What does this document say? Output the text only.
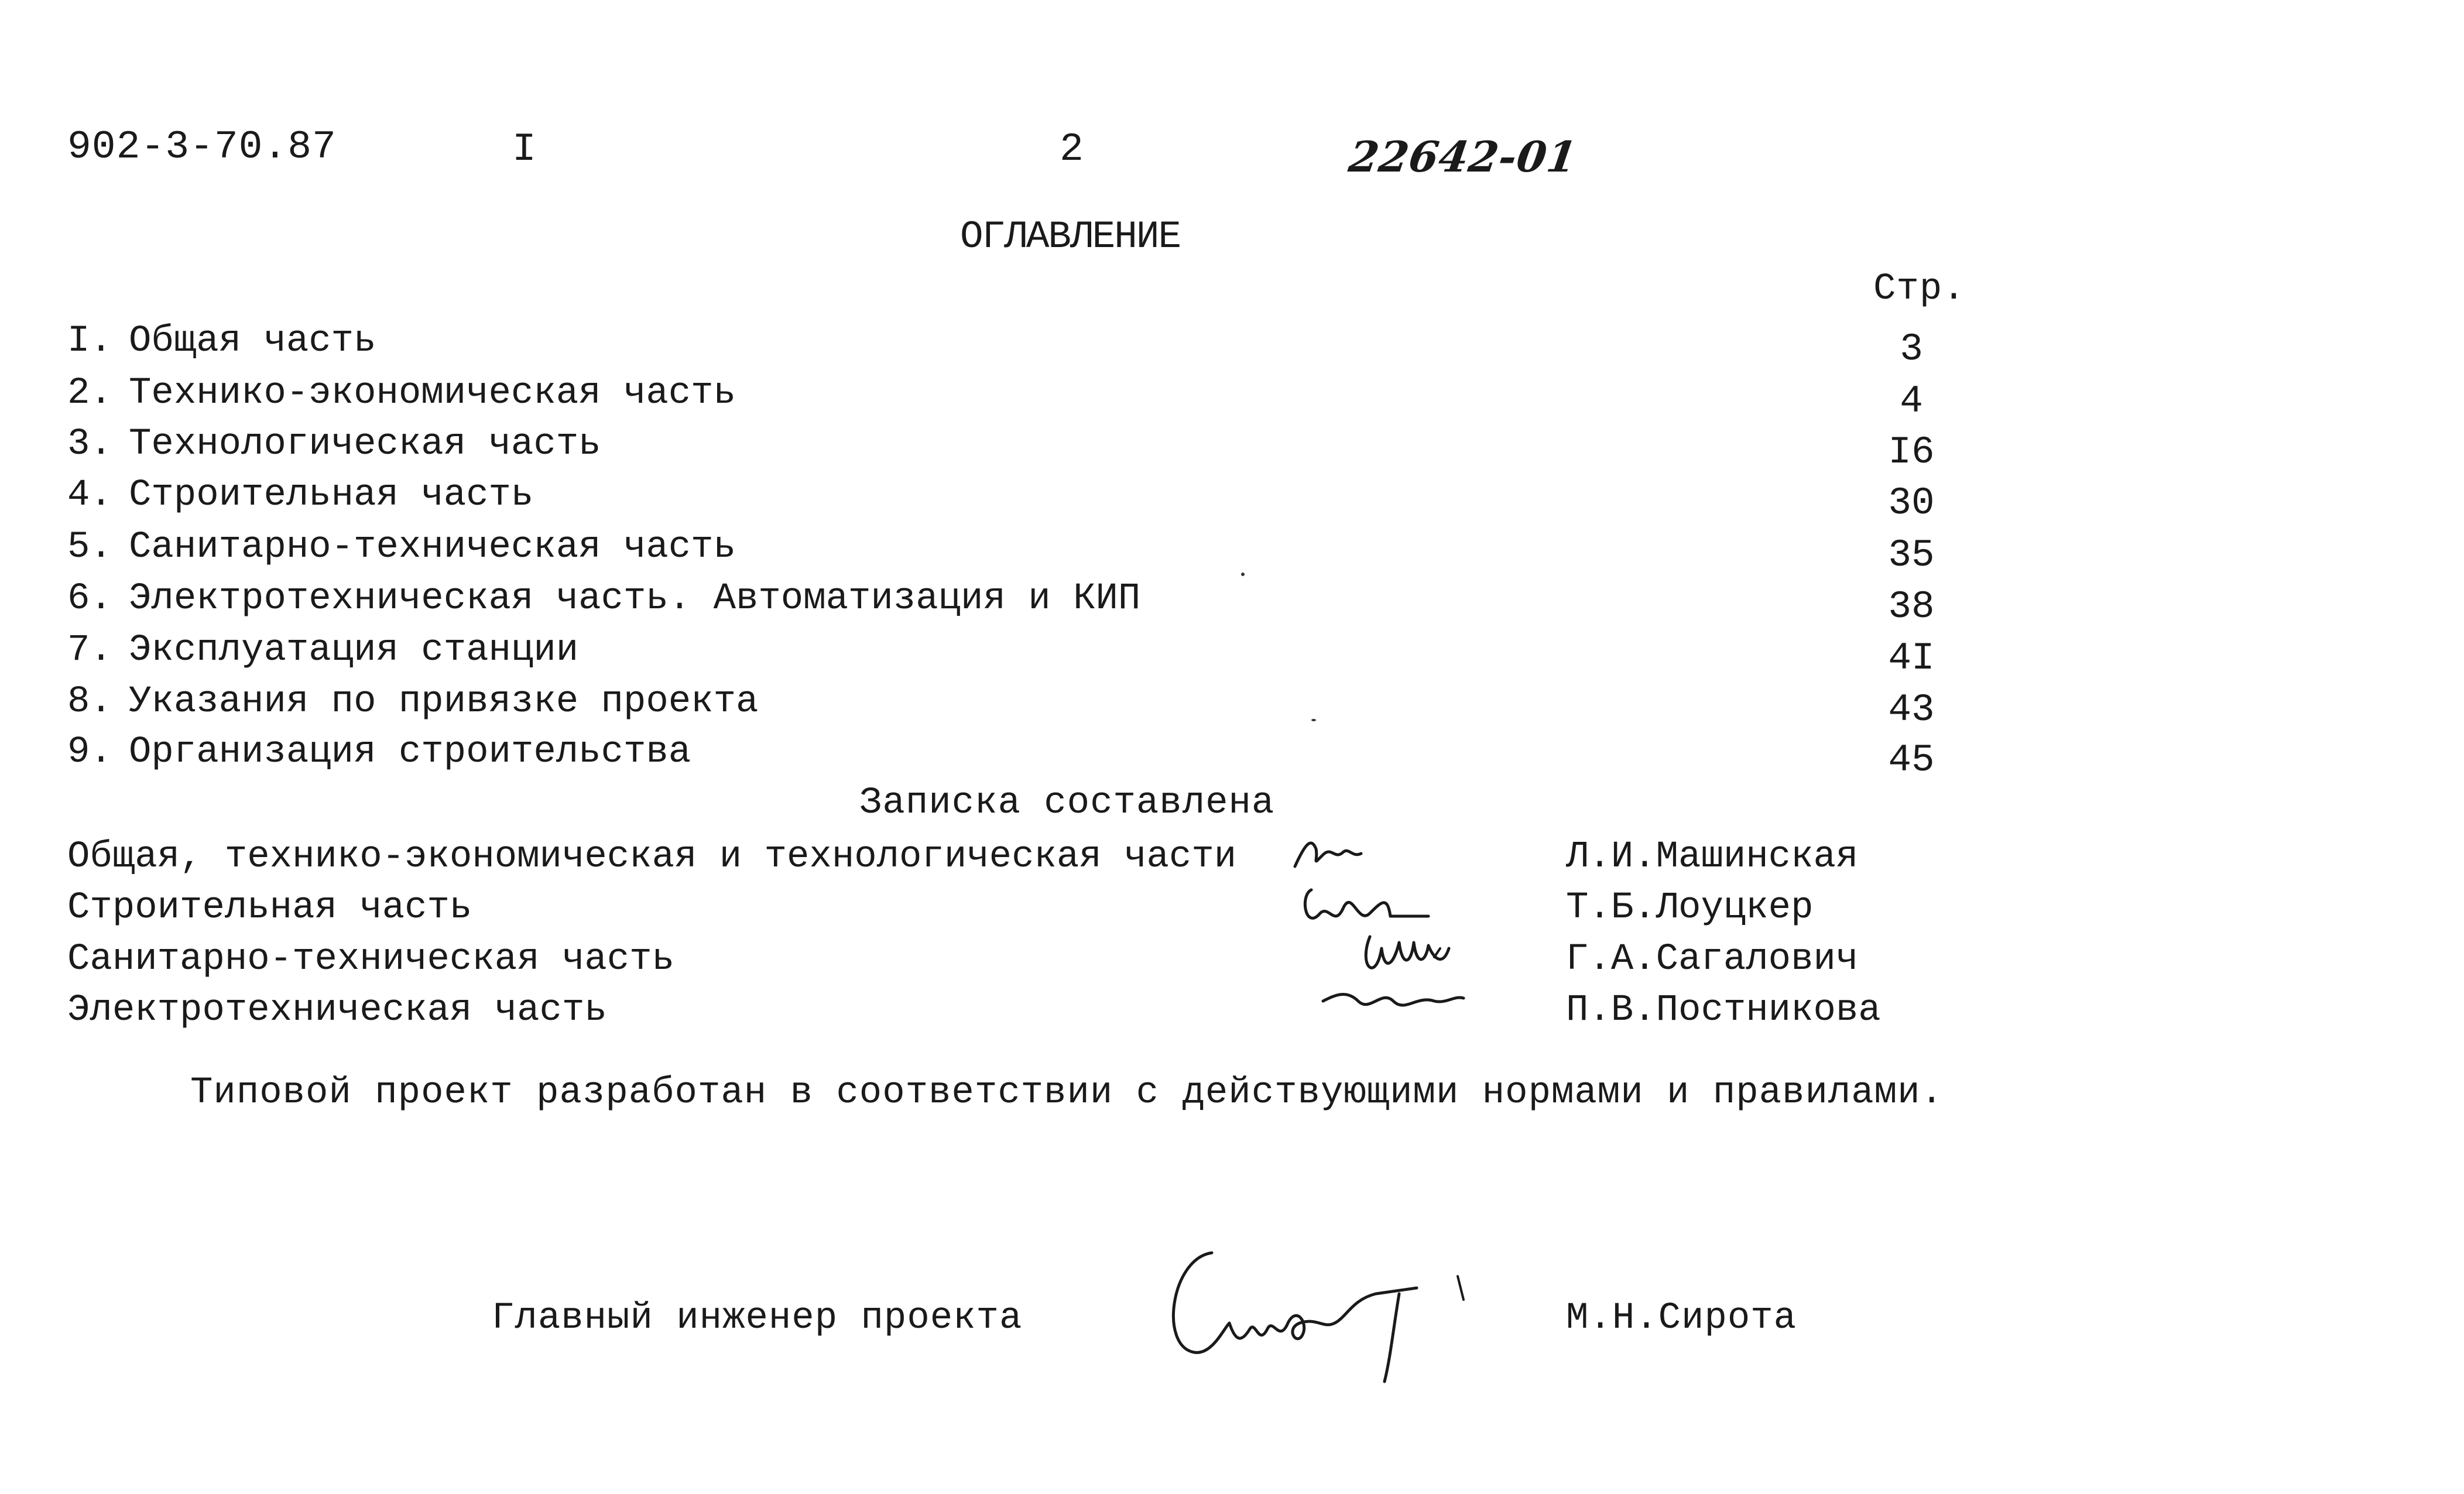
902-3-70.87	I	2	22642-01
ОГЛАВЛЕНИЕ
Стр.
I. Общая часть	3
2. Технико-экономическая часть	4
3. Технологическая часть	I6
4. Строительная часть	30
5. Санитарно-техническая часть	35
6. Электротехническая часть. Автоматизация и КИП	38
7. Эксплуатация станции	4I
8. Указания по привязке проекта	43
9. Организация строительства	45
Записка составлена
Общая, технико-экономическая и технологическая части	Л.И.Машинская
Строительная часть	Т.Б.Лоуцкер
Санитарно-техническая часть	Г.А.Сагалович
Электротехническая часть	П.В.Постникова
Типовой проект разработан в соответствии с действующими нормами и правилами.
Главный инженер проекта	М.Н.Сирота
